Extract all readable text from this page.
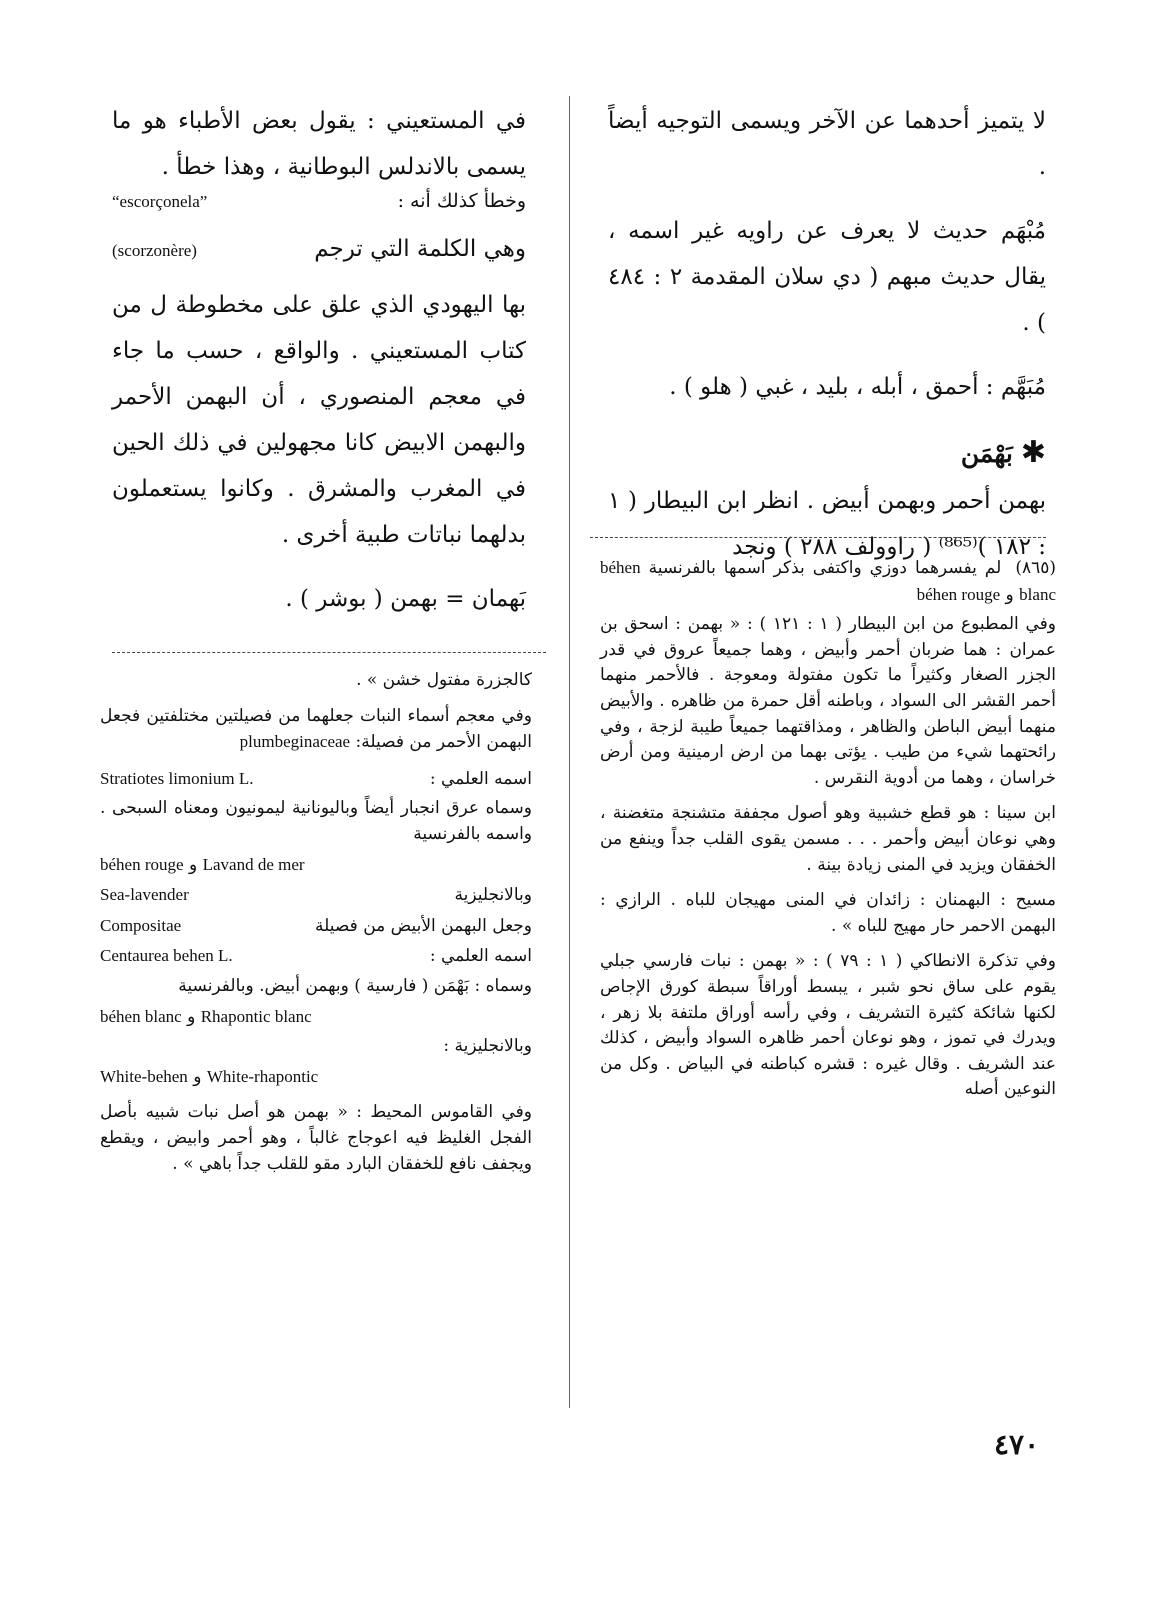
لا يتميز أحدهما عن الآخر ويسمى التوجيه أيضاً .

مُبْهَم حديث لا يعرف عن راويه غير اسمه ، يقال حديث مبهم ( دي سلان المقدمة ٢ : ٤٨٤ ) .

مُبَهَّم : أحمق ، أبله ، بليد ، غبي ( هلو ) .

✱بَهْمَن

بهمن أحمر وبهمن أبيض . انظر ابن البيطار ( ١ : ١٨٢ )⁽⁸⁶⁵⁾ ( راوولف ٢٨٨ ) ونجد

في المستعيني : يقول بعض الأطباء هو ما يسمى بالاندلس البوطانية ، وهذا خطأ .

وخطأ كذلك أنه :
“escorçonela”
(scorzonère)	وهي الكلمة التي ترجم

بها اليهودي الذي علق على مخطوطة ل من كتاب المستعيني . والواقع ، حسب ما جاء في معجم المنصوري ، أن البهمن الأحمر والبهمن الابيض كانا مجهولين في ذلك الحين في المغرب والمشرق . وكانوا يستعملون بدلهما نباتات طبية أخرى .

بَهمان = بهمن ( بوشر ) .

(٨٦٥) لم يفسرهما دوزي واكتفى بذكر اسمها بالفرنسية béhen blanc و béhen rouge

وفي المطبوع من ابن البيطار ( ١ : ١٢١ ) : « بهمن : اسحق بن عمران : هما ضربان أحمر وأبيض ، وهما جميعاً عروق في قدر الجزر الصغار وكثيراً ما تكون مفتولة ومعوجة . فالأحمر منهما أحمر القشر الى السواد ، وباطنه أقل حمرة من ظاهره . والأبيض منهما أبيض الباطن والظاهر ، ومذاقتهما جميعاً طيبة لزجة ، وفي رائحتهما شيء من طيب . يؤتى بهما من ارض ارمينية ومن أرض خراسان ، وهما من أدوية النقرس .

ابن سينا : هو قطع خشبية وهو أصول مجففة متشنجة متغضنة ، وهي نوعان أبيض وأحمر . . . مسمن يقوى القلب جداً وينفع من الخفقان ويزيد في المنى زيادة بينة .

مسيح : البهمنان : زائدان في المنى مهيجان للباه . الرازي : البهمن الاحمر حار مهيج للباه » .

وفي تذكرة الانطاكي ( ١ : ٧٩ ) : « بهمن : نبات فارسي جبلي يقوم على ساق نحو شبر ، يبسط أوراقاً سبطة كورق الإجاص لكنها شائكة كثيرة التشريف ، وفي رأسه أوراق ملتفة بلا زهر ، ويدرك في تموز ، وهو نوعان أحمر ظاهره السواد وأبيض ، كذلك عند الشريف . وقال غيره : قشره كباطنه في البياض . وكل من النوعين أصله

كالجزرة مفتول خشن » .

وفي معجم أسماء النبات جعلهما من فصيلتين مختلفتين فجعل البهمن الأحمر من فصيلة: plumbeginaceae

اسمه العلمي :
Stratiotes limonium L.

وسماه عرق انجبار أيضاً وباليونانية ليمونيون ومعناه السبحى . واسمه بالفرنسية

béhen rouge
و
Lavand de mer
وبالانجليزية
Sea-lavender
وجعل البهمن الأبيض من فصيلة
Compositae
اسمه العلمي :
Centaurea behen L.

وسماه : بَهْمَن ( فارسية ) وبهمن أبيض. وبالفرنسية

béhen blanc
و
Rhapontic blanc

وبالانجليزية :

White-behen
و
White-rhapontic

وفي القاموس المحيط : « بهمن هو أصل نبات شبيه بأصل الفجل الغليظ فيه اعوجاج غالباً ، وهو أحمر وابيض ، ويقطع ويجفف نافع للخفقان البارد مقو للقلب جداً باهي » .

٤٧٠
